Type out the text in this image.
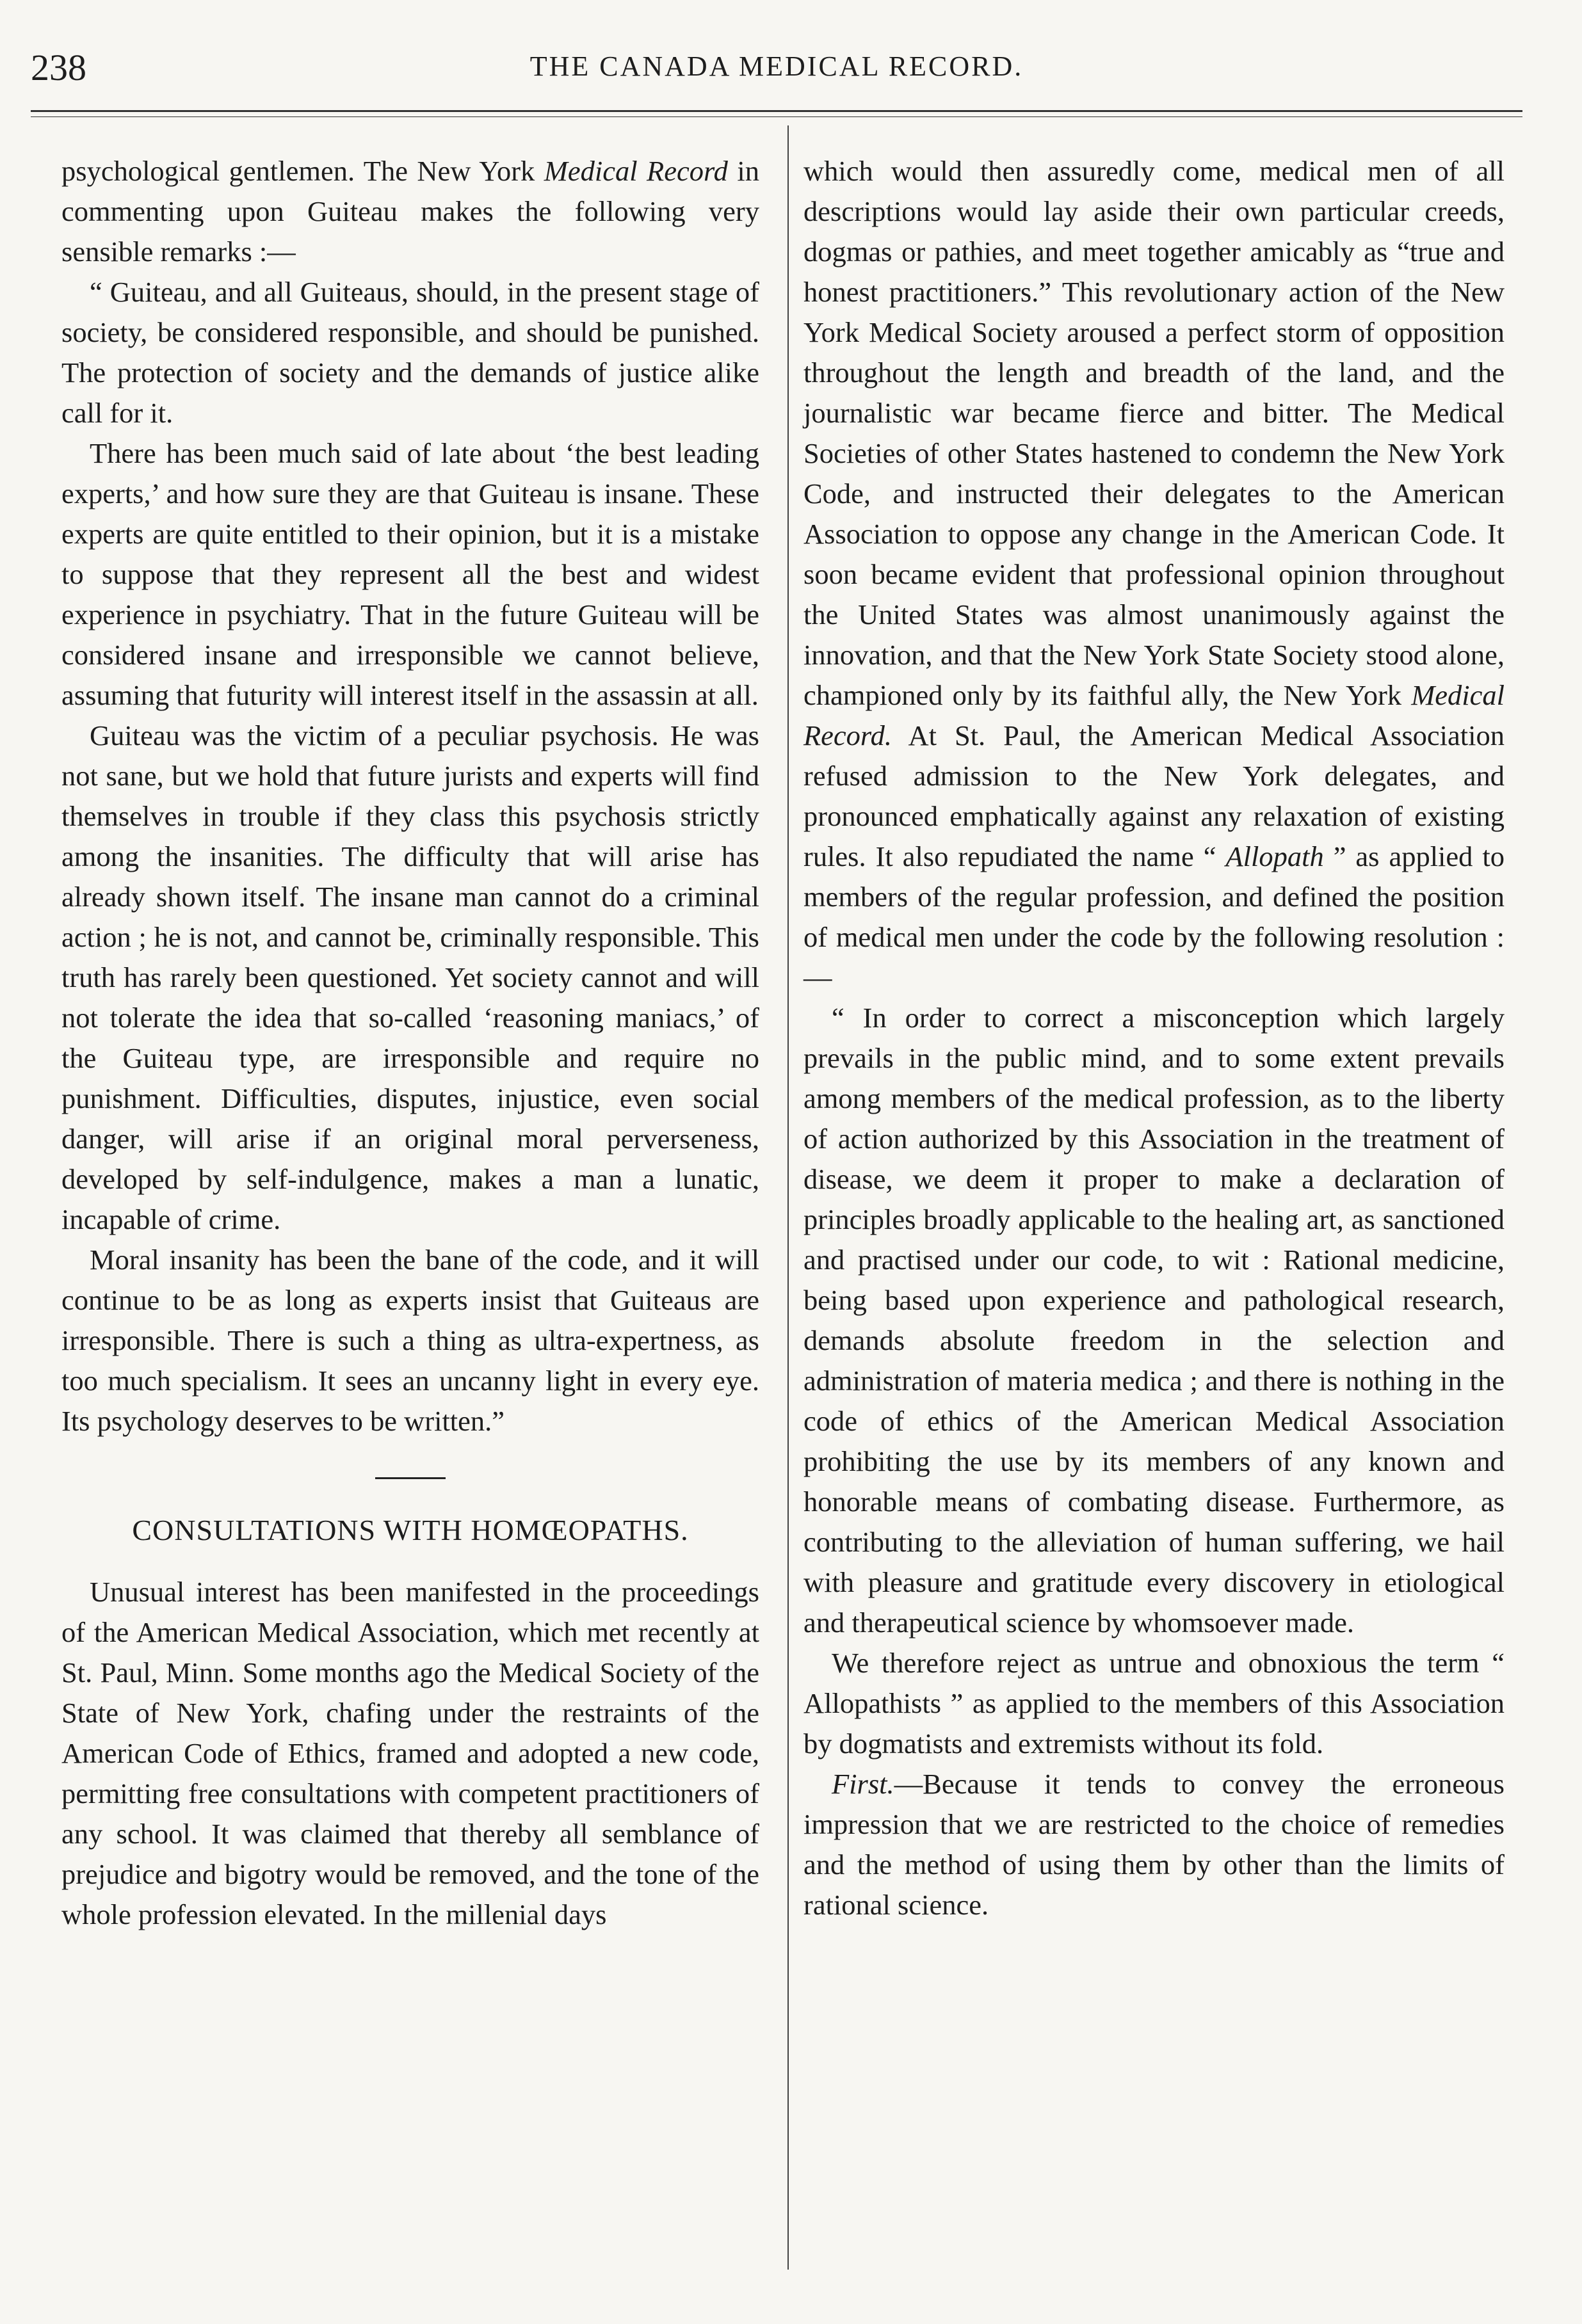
238	THE CANADA MEDICAL RECORD.

psychological gentlemen. The New York Medical Record in commenting upon Guiteau makes the following very sensible remarks :—

“ Guiteau, and all Guiteaus, should, in the present stage of society, be considered responsible, and should be punished. The protection of society and the demands of justice alike call for it.

There has been much said of late about ‘the best leading experts,’ and how sure they are that Guiteau is insane. These experts are quite entitled to their opinion, but it is a mistake to suppose that they represent all the best and widest experience in psychiatry. That in the future Guiteau will be considered insane and irresponsible we cannot believe, assuming that futurity will interest itself in the assassin at all.

Guiteau was the victim of a peculiar psychosis. He was not sane, but we hold that future jurists and experts will find themselves in trouble if they class this psychosis strictly among the insanities. The difficulty that will arise has already shown itself. The insane man cannot do a criminal action ; he is not, and cannot be, criminally responsible. This truth has rarely been questioned. Yet society cannot and will not tolerate the idea that so-called ‘reasoning maniacs,’ of the Guiteau type, are irresponsible and require no punishment. Difficulties, disputes, injustice, even social danger, will arise if an original moral perverseness, developed by self-indulgence, makes a man a lunatic, incapable of crime.

Moral insanity has been the bane of the code, and it will continue to be as long as experts insist that Guiteaus are irresponsible. There is such a thing as ultra-expertness, as too much specialism. It sees an uncanny light in every eye. Its psychology deserves to be written.”

CONSULTATIONS WITH HOMŒOPATHS.

Unusual interest has been manifested in the proceedings of the American Medical Association, which met recently at St. Paul, Minn. Some months ago the Medical Society of the State of New York, chafing under the restraints of the American Code of Ethics, framed and adopted a new code, permitting free consultations with competent practitioners of any school. It was claimed that thereby all semblance of prejudice and bigotry would be removed, and the tone of the whole profession elevated. In the millenial days

which would then assuredly come, medical men of all descriptions would lay aside their own particular creeds, dogmas or pathies, and meet together amicably as “true and honest practitioners.” This revolutionary action of the New York Medical Society aroused a perfect storm of opposition throughout the length and breadth of the land, and the journalistic war became fierce and bitter. The Medical Societies of other States hastened to condemn the New York Code, and instructed their delegates to the American Association to oppose any change in the American Code. It soon became evident that professional opinion throughout the United States was almost unanimously against the innovation, and that the New York State Society stood alone, championed only by its faithful ally, the New York Medical Record. At St. Paul, the American Medical Association refused admission to the New York delegates, and pronounced emphatically against any relaxation of existing rules. It also repudiated the name “ Allopath ” as applied to members of the regular profession, and defined the position of medical men under the code by the following resolution :—

“ In order to correct a misconception which largely prevails in the public mind, and to some extent prevails among members of the medical profession, as to the liberty of action authorized by this Association in the treatment of disease, we deem it proper to make a declaration of principles broadly applicable to the healing art, as sanctioned and practised under our code, to wit : Rational medicine, being based upon experience and pathological research, demands absolute freedom in the selection and administration of materia medica ; and there is nothing in the code of ethics of the American Medical Association prohibiting the use by its members of any known and honorable means of combating disease. Furthermore, as contributing to the alleviation of human suffering, we hail with pleasure and gratitude every discovery in etiological and therapeutical science by whomsoever made.

We therefore reject as untrue and obnoxious the term “ Allopathists ” as applied to the members of this Association by dogmatists and extremists without its fold.

First.—Because it tends to convey the erroneous impression that we are restricted to the choice of remedies and the method of using them by other than the limits of rational science.
